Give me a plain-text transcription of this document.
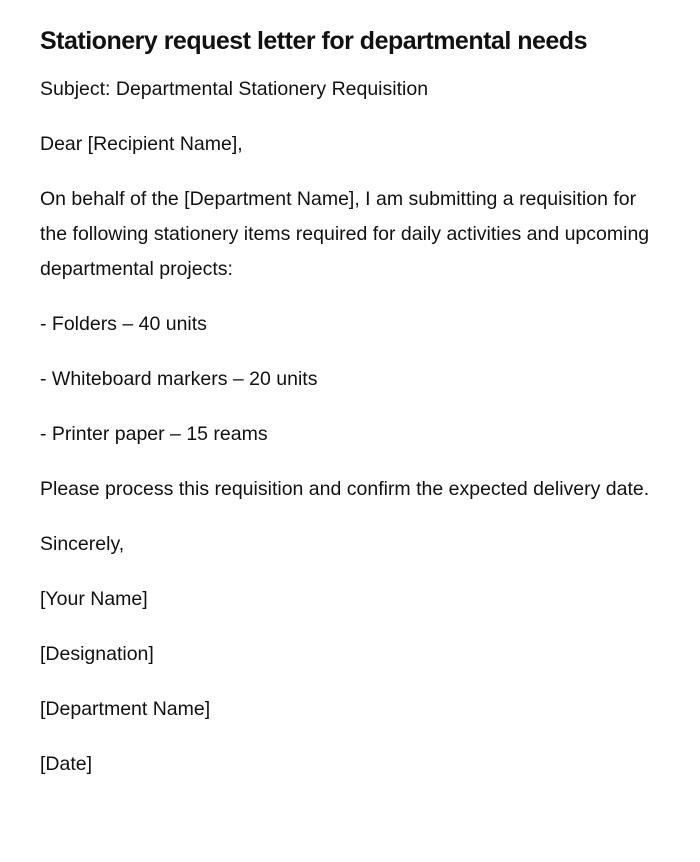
Stationery request letter for departmental needs

Subject: Departmental Stationery Requisition

Dear [Recipient Name],

On behalf of the [Department Name], I am submitting a requisition for the following stationery items required for daily activities and upcoming departmental projects:

- Folders – 40 units

- Whiteboard markers – 20 units

- Printer paper – 15 reams

Please process this requisition and confirm the expected delivery date.

Sincerely,

[Your Name]

[Designation]

[Department Name]

[Date]
